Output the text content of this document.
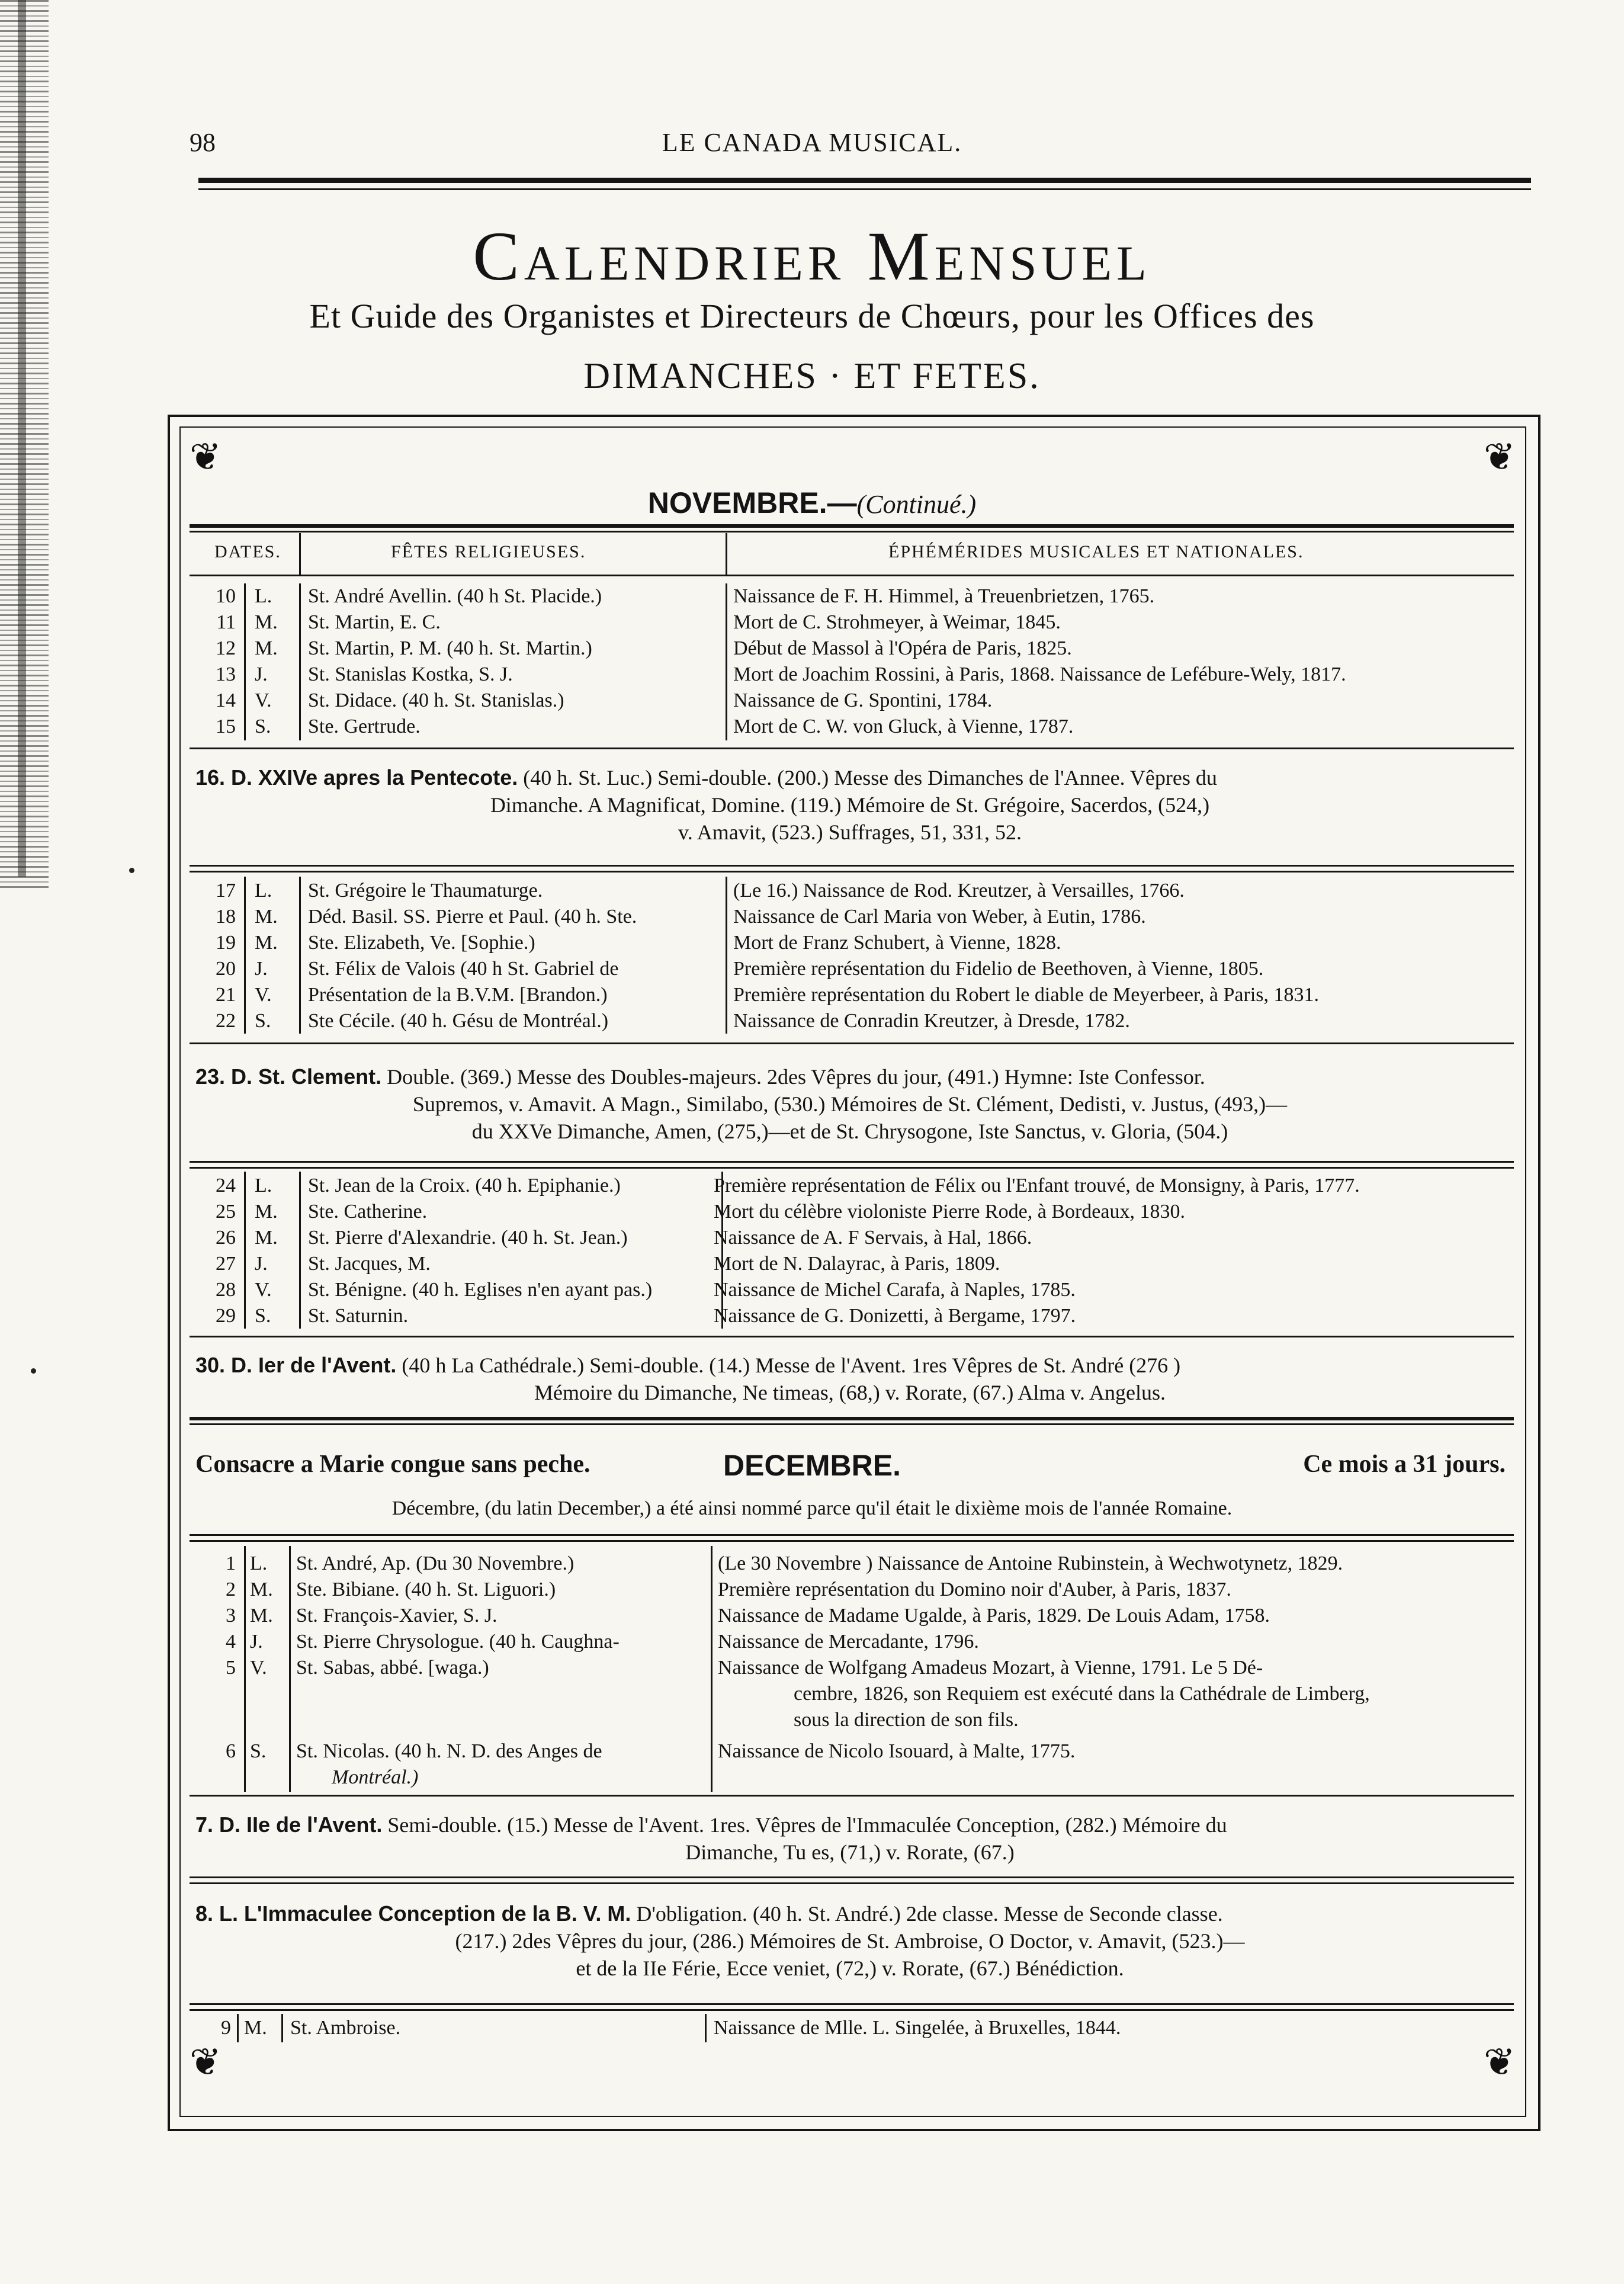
98	LE CANADA MUSICAL.
Calendrier Mensuel
Et Guide des Organistes et Directeurs de Chœurs, pour les Offices des
DIMANCHES · ET FETES.
❦	❦
❦	❦
NOVEMBRE.—(Continué.)
DATES.	FÊTES RELIGIEUSES.	ÉPHÉMÉRIDES MUSICALES ET NATIONALES.
10 L. St. André Avellin. (40 h St. Placide.)	Naissance de F. H. Himmel, à Treuenbrietzen, 1765.
11 M. St. Martin, E. C.	Mort de C. Strohmeyer, à Weimar, 1845.
12 M. St. Martin, P. M. (40 h. St. Martin.)	Début de Massol à l'Opéra de Paris, 1825.
13 J. St. Stanislas Kostka, S. J.	Mort de Joachim Rossini, à Paris, 1868. Naissance de Lefébure-Wely, 1817.
14 V. St. Didace. (40 h. St. Stanislas.)	Naissance de G. Spontini, 1784.
15 S. Ste. Gertrude.	Mort de C. W. von Gluck, à Vienne, 1787.
16. D. XXIVe apres la Pentecote. (40 h. St. Luc.) Semi-double. (200.) Messe des Dimanches de l'Annee. Vêpres du
Dimanche. A Magnificat, Domine. (119.) Mémoire de St. Grégoire, Sacerdos, (524,)
v. Amavit, (523.) Suffrages, 51, 331, 52.
17 L. St. Grégoire le Thaumaturge.	(Le 16.) Naissance de Rod. Kreutzer, à Versailles, 1766.
18 M. Déd. Basil. SS. Pierre et Paul. (40 h. Ste.	Naissance de Carl Maria von Weber, à Eutin, 1786.
19 M. Ste. Elizabeth, Ve. [Sophie.)	Mort de Franz Schubert, à Vienne, 1828.
20 J. St. Félix de Valois (40 h St. Gabriel de	Première représentation du Fidelio de Beethoven, à Vienne, 1805.
21 V. Présentation de la B.V.M. [Brandon.)	Première représentation du Robert le diable de Meyerbeer, à Paris, 1831.
22 S. Ste Cécile. (40 h. Gésu de Montréal.)	Naissance de Conradin Kreutzer, à Dresde, 1782.
23. D. St. Clement. Double. (369.) Messe des Doubles-majeurs. 2des Vêpres du jour, (491.) Hymne: Iste Confessor.
Supremos, v. Amavit. A Magn., Similabo, (530.) Mémoires de St. Clément, Dedisti, v. Justus, (493,)—
du XXVe Dimanche, Amen, (275,)—et de St. Chrysogone, Iste Sanctus, v. Gloria, (504.)
24 L. St. Jean de la Croix. (40 h. Epiphanie.)	Première représentation de Félix ou l'Enfant trouvé, de Monsigny, à Paris, 1777.
25 M. Ste. Catherine.	Mort du célèbre violoniste Pierre Rode, à Bordeaux, 1830.
26 M. St. Pierre d'Alexandrie. (40 h. St. Jean.)	Naissance de A. F Servais, à Hal, 1866.
27 J. St. Jacques, M.	Mort de N. Dalayrac, à Paris, 1809.
28 V. St. Bénigne. (40 h. Eglises n'en ayant pas.)	Naissance de Michel Carafa, à Naples, 1785.
29 S. St. Saturnin.	Naissance de G. Donizetti, à Bergame, 1797.
30. D. Ier de l'Avent. (40 h La Cathédrale.) Semi-double. (14.) Messe de l'Avent. 1res Vêpres de St. André (276 )
Mémoire du Dimanche, Ne timeas, (68,) v. Rorate, (67.) Alma v. Angelus.
Consacre a Marie congue sans peche.	DECEMBRE.	Ce mois a 31 jours.
Décembre, (du latin December,) a été ainsi nommé parce qu'il était le dixième mois de l'année Romaine.
1 L. St. André, Ap. (Du 30 Novembre.)	(Le 30 Novembre ) Naissance de Antoine Rubinstein, à Wechwotynetz, 1829.
2 M. Ste. Bibiane. (40 h. St. Liguori.)	Première représentation du Domino noir d'Auber, à Paris, 1837.
3 M. St. François-Xavier, S. J.	Naissance de Madame Ugalde, à Paris, 1829. De Louis Adam, 1758.
4 J. St. Pierre Chrysologue. (40 h. Caughna-	Naissance de Mercadante, 1796.
5 V. St. Sabas, abbé. [waga.)	Naissance de Wolfgang Amadeus Mozart, à Vienne, 1791. Le 5 Dé-
cembre, 1826, son Requiem est exécuté dans la Cathédrale de Limberg,
sous la direction de son fils.
6 S. St. Nicolas. (40 h. N. D. des Anges de	Naissance de Nicolo Isouard, à Malte, 1775.
Montréal.)
7. D. IIe de l'Avent. Semi-double. (15.) Messe de l'Avent. 1res. Vêpres de l'Immaculée Conception, (282.) Mémoire du
Dimanche, Tu es, (71,) v. Rorate, (67.)
8. L. L'Immaculee Conception de la B. V. M. D'obligation. (40 h. St. André.) 2de classe. Messe de Seconde classe.
(217.) 2des Vêpres du jour, (286.) Mémoires de St. Ambroise, O Doctor, v. Amavit, (523.)—
et de la IIe Férie, Ecce veniet, (72,) v. Rorate, (67.) Bénédiction.
9 M. St. Ambroise.	Naissance de Mlle. L. Singelée, à Bruxelles, 1844.
